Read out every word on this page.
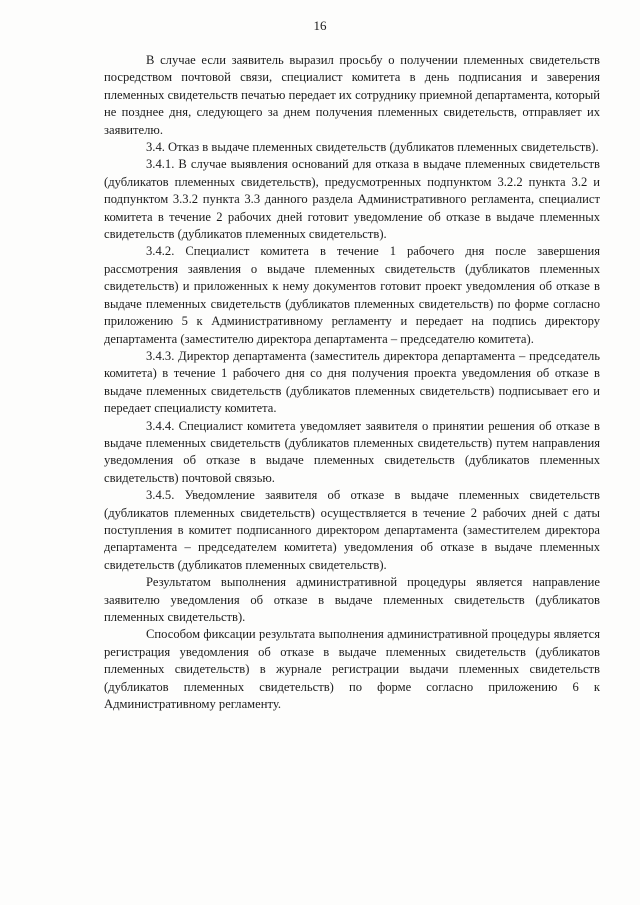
16

В случае если заявитель выразил просьбу о получении племенных свидетельств посредством почтовой связи, специалист комитета в день подписания и заверения племенных свидетельств печатью передает их сотруднику приемной департамента, который не позднее дня, следующего за днем получения племенных свидетельств, отправляет их заявителю.

3.4. Отказ в выдаче племенных свидетельств (дубликатов племенных свидетельств).

3.4.1. В случае выявления оснований для отказа в выдаче племенных свидетельств (дубликатов племенных свидетельств), предусмотренных подпунктом 3.2.2 пункта 3.2 и подпунктом 3.3.2 пункта 3.3 данного раздела Административного регламента, специалист комитета в течение 2 рабочих дней готовит уведомление об отказе в выдаче племенных свидетельств (дубликатов племенных свидетельств).

3.4.2. Специалист комитета в течение 1 рабочего дня после завершения рассмотрения заявления о выдаче племенных свидетельств (дубликатов племенных свидетельств) и приложенных к нему документов готовит проект уведомления об отказе в выдаче племенных свидетельств (дубликатов племенных свидетельств) по форме согласно приложению 5 к Административному регламенту и передает на подпись директору департамента (заместителю директора департамента – председателю комитета).

3.4.3. Директор департамента (заместитель директора департамента – председатель комитета) в течение 1 рабочего дня со дня получения проекта уведомления об отказе в выдаче племенных свидетельств (дубликатов племенных свидетельств) подписывает его и передает специалисту комитета.

3.4.4. Специалист комитета уведомляет заявителя о принятии решения об отказе в выдаче племенных свидетельств (дубликатов племенных свидетельств) путем направления уведомления об отказе в выдаче племенных свидетельств (дубликатов племенных свидетельств) почтовой связью.

3.4.5. Уведомление заявителя об отказе в выдаче племенных свидетельств (дубликатов племенных свидетельств) осуществляется в течение 2 рабочих дней с даты поступления в комитет подписанного директором департамента (заместителем директора департамента – председателем комитета) уведомления об отказе в выдаче племенных свидетельств (дубликатов племенных свидетельств).

Результатом выполнения административной процедуры является направление заявителю уведомления об отказе в выдаче племенных свидетельств (дубликатов племенных свидетельств).

Способом фиксации результата выполнения административной процедуры является регистрация уведомления об отказе в выдаче племенных свидетельств (дубликатов племенных свидетельств) в журнале регистрации выдачи племенных свидетельств (дубликатов племенных свидетельств) по форме согласно приложению 6 к Административному регламенту.
